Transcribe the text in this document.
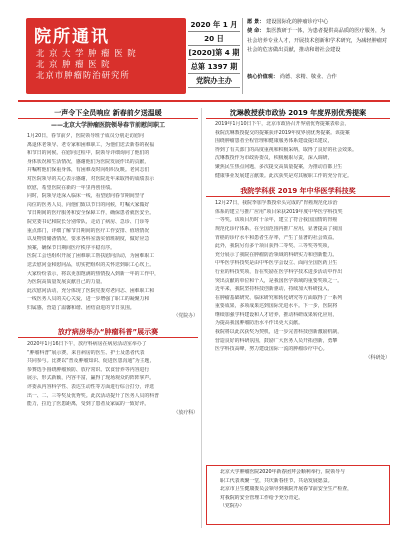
院所通讯
北 京 大 学 肿 瘤 医 院
北 京 肿 瘤 医 院
北京市肿瘤防治研究所
2020 年 1 月
20 日
[2020]第 4 期
总第 1397 期
党院办主办
愿 景： 建设国际化的肿瘤诊疗中心
使 命： 集医教研于一体，为患者提供高品质的医疗服务，为社会培养专业人才，开展技术创新和学术研究，为减轻肿瘤对社会的危害做出贡献，推动和谐社会建设
核心价值观： 尚德、求精、敬业、合作
一声令下全员响应 新春前夕送温暖
——北京大学肿瘤医院领导春节前慰问职工
1月20日，春节前夕，医院领导班子成员分别走访慰问
离退休老领导、老专家和困难职工，为他们送去新春的祝福
和节日的问候。在慰问过程中，院领导详细询问了他们的
身体状况和生活情况，感谢他们为医院发展作出的贡献，
并嘱咐他们保重身体，有困难及时向组织反映。老同志们
对医院领导的关心表示感谢，对医院近年来取得的成绩表示
欣慰，希望医院在新的一年里再创佳绩。
同时，院领导还深入临床一线，看望慰问春节期间坚守
岗位的医务人员，向他们致以节日的问候，叮嘱大家做好
节日期间的医疗服务和安全保障工作，确保患者就医安全。
院党委书记和院长分别带队，走访了病房、急诊、门诊等
重点部门，详细了解节日期间的医疗工作安排、值班情况
以及物资储备情况，要求各科室落实值班制度，做好应急
预案，确保节日期间医疗秩序平稳有序。
医院工会也组织开展了困难职工帮扶慰问活动，为困难职工
送去慰问金和慰问品，切实把组织的关怀送到职工心坎上。
大家纷纷表示，将以更加饱满的热情投入到新一年的工作中，
为医院高质量发展贡献自己的力量。
此次慰问活动，充分体现了医院党委对老同志、困难职工和
一线医务人员的关心关爱，进一步增强了职工的凝聚力和
归属感，营造了温馨和谐、团结奋进的节日氛围。
（党院办）
放疗病房举办“肿瘤科普”展示赛
2020年1月16日下午，放疗科病房在病房活动室举办了
“肿瘤科普”展示赛，来自病房的医生、护士及患者代表
共同参与。比赛以“普及肿瘤知识、促进医患沟通”为主题，
参赛选手围绕肿瘤预防、放疗常识、饮食营养等内容进行
展示，形式新颖，内容丰富，赢得了现场观众的阵阵掌声。
评委从内容科学性、表达生动性等方面进行综合打分，评选
出一、二、三等奖及优秀奖。此次活动提升了医务人员的科普
能力，拉近了医患距离，受到了患者及家属的一致好评。
（放疗科）
沈琳教授获市政协 2019 年度界别优秀提案
2019年1月10日下午，北京市政协召开界别优秀提案表彰会，
我院沈琳教授提交的提案获评2019年度界别优秀提案。该提案
围绕肿瘤患者全程管理和健康服务体系建设提出建议，
得到了有关部门的高度重视和积极采纳，取得了良好的社会效果。
沈琳教授作为市政协委员，积极履职尽责，深入调研，
聚焦民生热点问题，多次提交高质量提案，为推动首都卫生
健康事业发展建言献策。此次获奖是对其履职工作的充分肯定。
我院学科获 2019 年中华医学科技奖
12月27日，我院季加孚教授牵头完成的“胃癌规范化诊治
体系的建立与推广应用”项目荣获2019年度中华医学科技奖
一等奖。该项目历时十余年，建立了符合我国国情的胃癌
规范化诊疗体系，在全国范围内推广应用，显著提高了我国
胃癌的诊疗水平和患者生存率，产生了显著的社会效益。
此外，我院另有多个项目获得二等奖、三等奖等奖项，
充分展示了我院在肿瘤防治领域的科研实力和创新能力。
中华医学科技奖是由中华医学会设立、面向全国医药卫生
行业的科技奖项，旨在奖励在医学科学技术进步活动中作出
突出贡献的单位和个人，是我国医学领域的重要奖项之一。
近年来，我院坚持科技创新驱动，持续加大科研投入，
在肿瘤基础研究、临床研究和转化研究等方面取得了一系列
重要成果，多项成果达到国际先进水平。下一步，医院将
继续加强学科建设和人才培养，推动科研成果转化应用，
为提高我国肿瘤防治水平作出更大贡献。
我院将以此次获奖为契机，进一步完善科技创新激励机制，
营造良好的科研氛围，鼓励广大医务人员开拓创新，勇攀
医学科技高峰，努力建设国际一流的肿瘤诊疗中心。
（科研处）
北京大学肿瘤医院2020年新春团拜会顺利举行，院领导与
职工代表欢聚一堂，共庆新春佳节，共话发展愿景。
北京市卫生健康委员会领导到我院开展春节前安全生产检查，
对我院的安全管理工作给予充分肯定。
（党院办）
